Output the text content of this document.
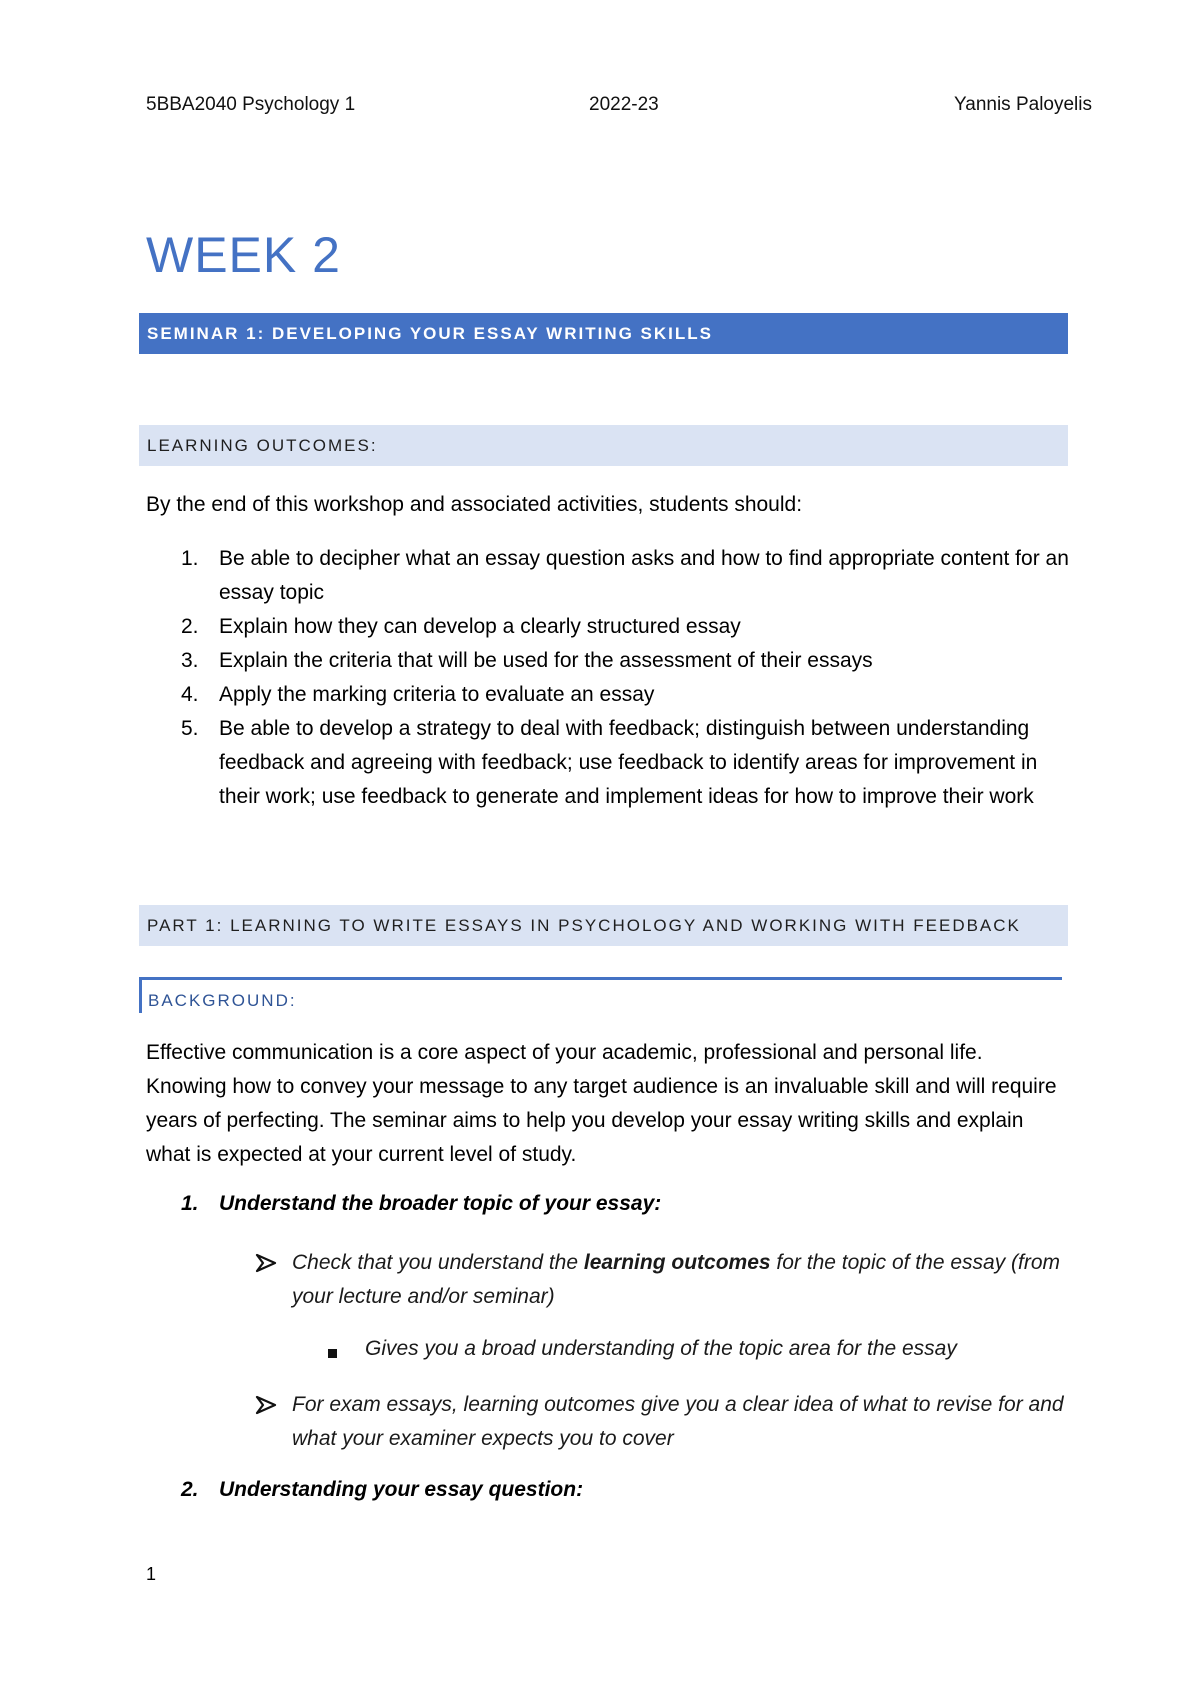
5BBA2040 Psychology 1	2022-23	Yannis Paloyelis
WEEK 2
SEMINAR 1: DEVELOPING YOUR ESSAY WRITING SKILLS
LEARNING OUTCOMES:
By the end of this workshop and associated activities, students should:
1. Be able to decipher what an essay question asks and how to find appropriate content for an essay topic
2. Explain how they can develop a clearly structured essay
3. Explain the criteria that will be used for the assessment of their essays
4. Apply the marking criteria to evaluate an essay
5. Be able to develop a strategy to deal with feedback; distinguish between understanding feedback and agreeing with feedback; use feedback to identify areas for improvement in their work; use feedback to generate and implement ideas for how to improve their work
PART 1: LEARNING TO WRITE ESSAYS IN PSYCHOLOGY AND WORKING WITH FEEDBACK
BACKGROUND:
Effective communication is a core aspect of your academic, professional and personal life. Knowing how to convey your message to any target audience is an invaluable skill and will require years of perfecting. The seminar aims to help you develop your essay writing skills and explain what is expected at your current level of study.
1. Understand the broader topic of your essay:
Check that you understand the learning outcomes for the topic of the essay (from your lecture and/or seminar)
Gives you a broad understanding of the topic area for the essay
For exam essays, learning outcomes give you a clear idea of what to revise for and what your examiner expects you to cover
2. Understanding your essay question:
1
